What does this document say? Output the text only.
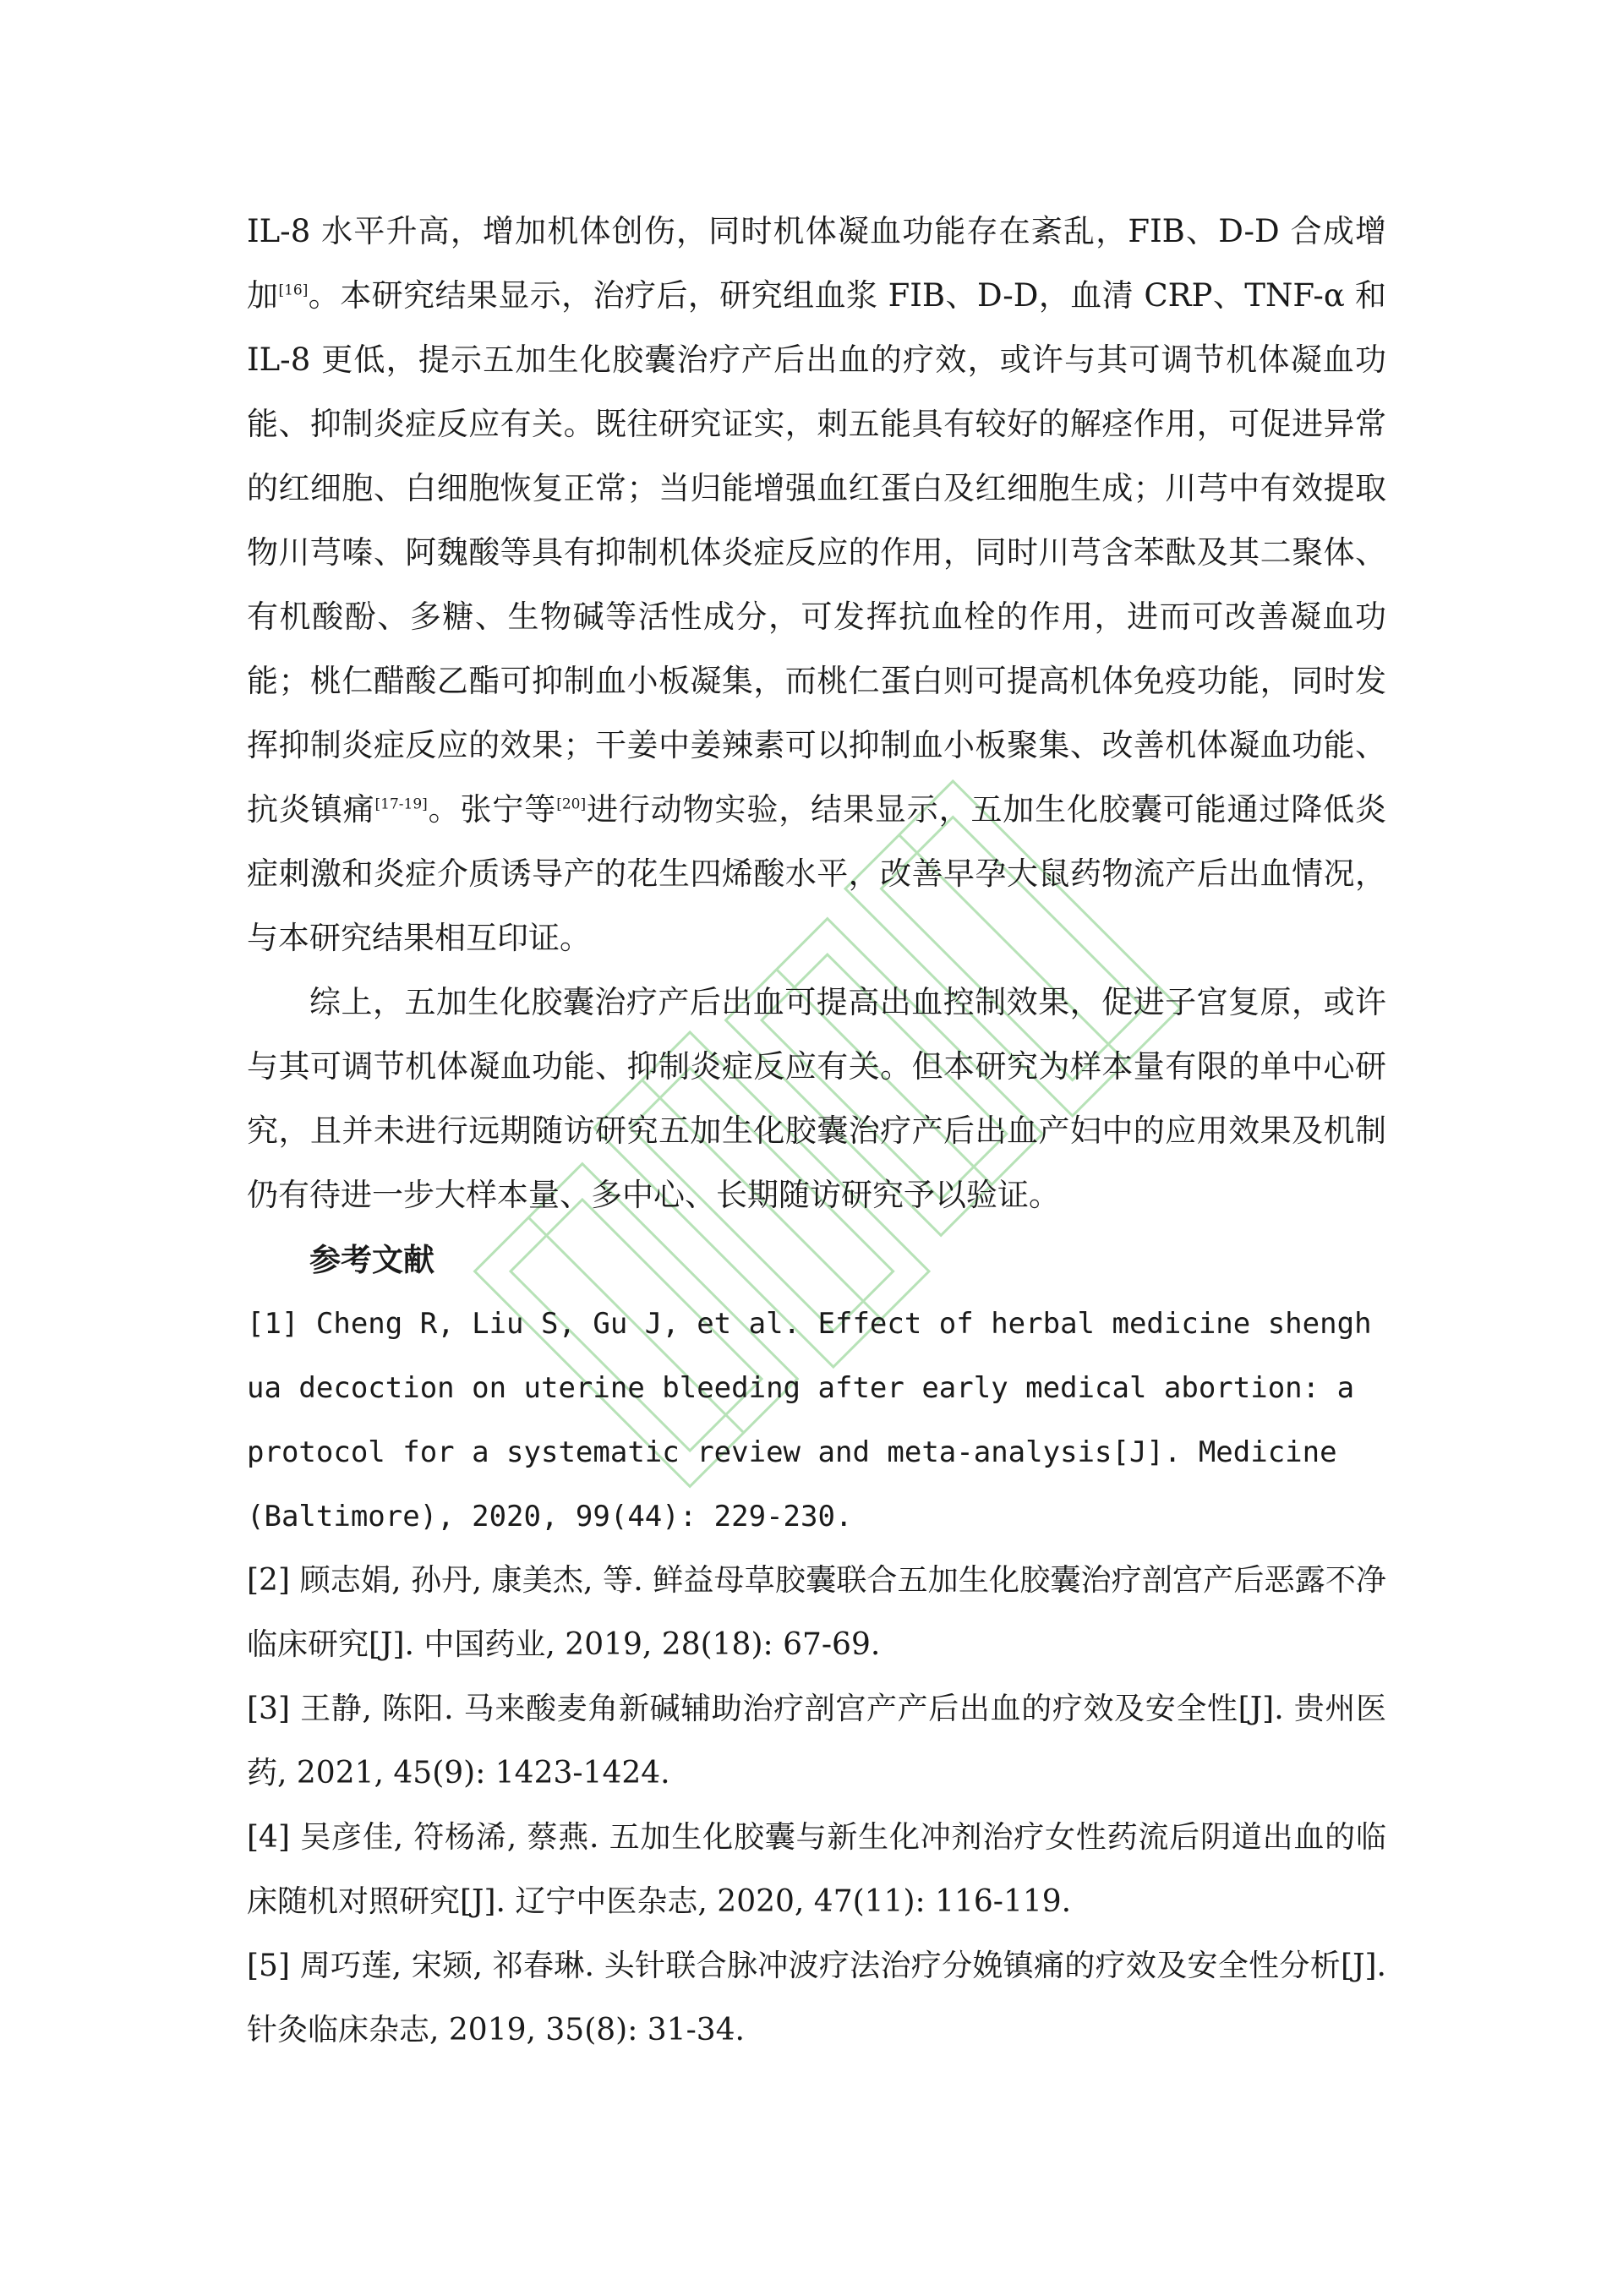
IL-8 水平升高，增加机体创伤，同时机体凝血功能存在紊乱，FIB、D-D 合成增加[16]。本研究结果显示，治疗后，研究组血浆 FIB、D-D，血清 CRP、TNF-α 和 IL-8 更低，提示五加生化胶囊治疗产后出血的疗效，或许与其可调节机体凝血功能、抑制炎症反应有关。既往研究证实，刺五能具有较好的解痉作用，可促进异常的红细胞、白细胞恢复正常；当归能增强血红蛋白及红细胞生成；川芎中有效提取物川芎嗪、阿魏酸等具有抑制机体炎症反应的作用，同时川芎含苯酞及其二聚体、有机酸酚、多糖、生物碱等活性成分，可发挥抗血栓的作用，进而可改善凝血功能；桃仁醋酸乙酯可抑制血小板凝集，而桃仁蛋白则可提高机体免疫功能，同时发挥抑制炎症反应的效果；干姜中姜辣素可以抑制血小板聚集、改善机体凝血功能、抗炎镇痛[17-19]。张宁等[20]进行动物实验，结果显示，五加生化胶囊可能通过降低炎症刺激和炎症介质诱导产的花生四烯酸水平，改善早孕大鼠药物流产后出血情况，与本研究结果相互印证。

综上，五加生化胶囊治疗产后出血可提高出血控制效果，促进子宫复原，或许与其可调节机体凝血功能、抑制炎症反应有关。但本研究为样本量有限的单中心研究，且并未进行远期随访研究五加生化胶囊治疗产后出血产妇中的应用效果及机制仍有待进一步大样本量、多中心、长期随访研究予以验证。

参考文献

[1] Cheng R, Liu S, Gu J, et al. Effect of herbal medicine shenghua decoction on uterine bleeding after early medical abortion: a protocol for a systematic review and meta-analysis[J]. Medicine (Baltimore), 2020, 99(44): 229-230.

[2] 顾志娟, 孙丹, 康美杰, 等. 鲜益母草胶囊联合五加生化胶囊治疗剖宫产后恶露不净临床研究[J]. 中国药业, 2019, 28(18): 67-69.

[3] 王静, 陈阳. 马来酸麦角新碱辅助治疗剖宫产产后出血的疗效及安全性[J]. 贵州医药, 2021, 45(9): 1423-1424.

[4] 吴彦佳, 符杨浠, 蔡燕. 五加生化胶囊与新生化冲剂治疗女性药流后阴道出血的临床随机对照研究[J]. 辽宁中医杂志, 2020, 47(11): 116-119.

[5] 周巧莲, 宋颎, 祁春琳. 头针联合脉冲波疗法治疗分娩镇痛的疗效及安全性分析[J]. 针灸临床杂志, 2019, 35(8): 31-34.
